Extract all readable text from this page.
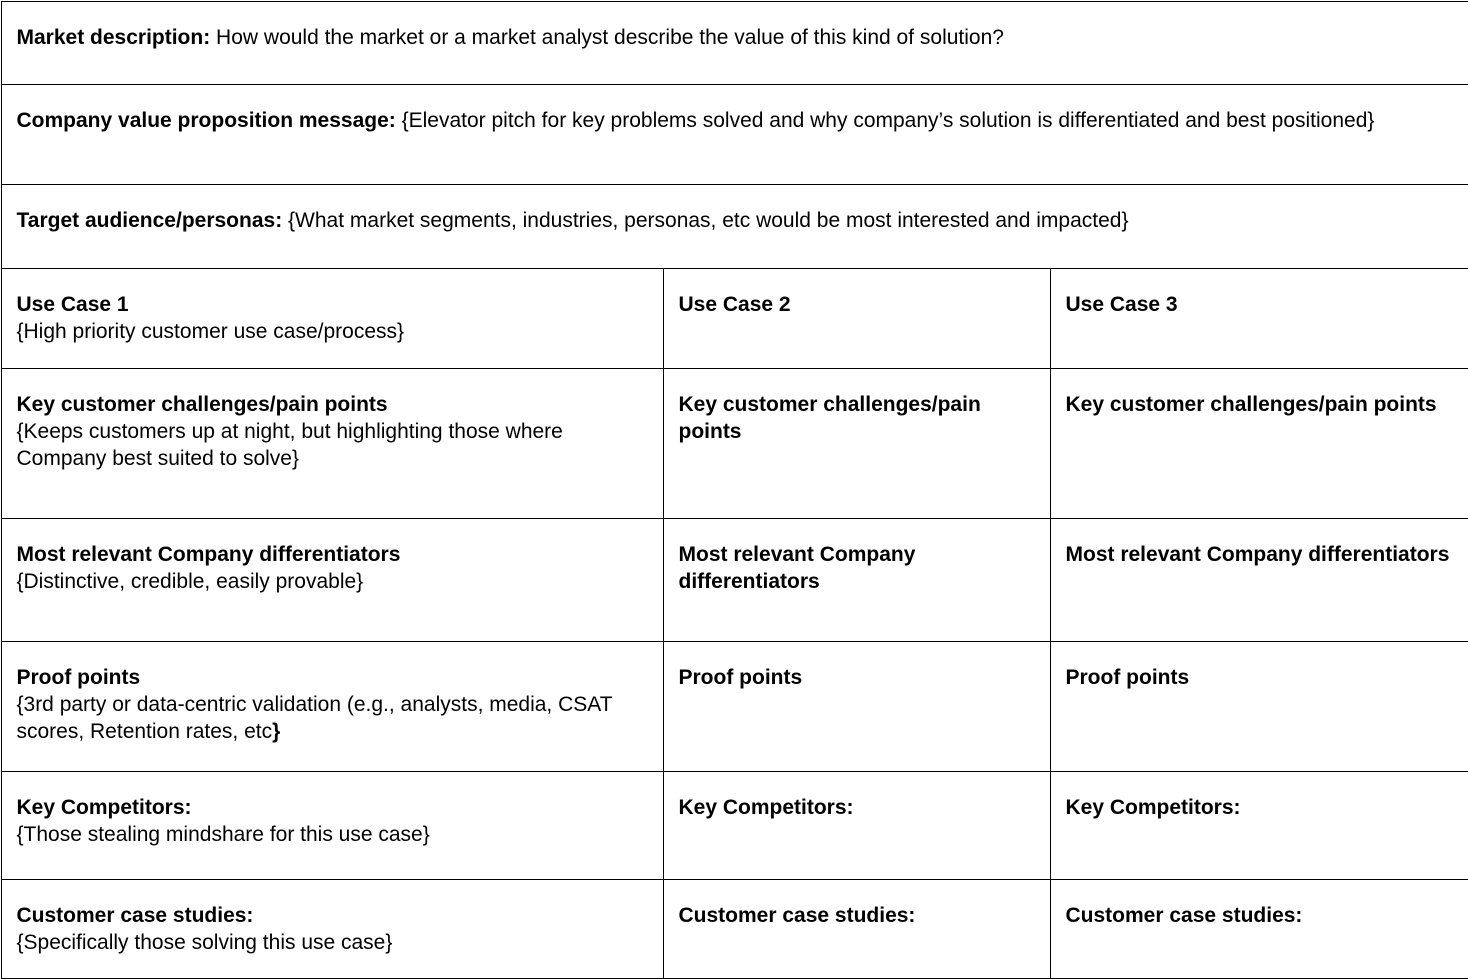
Market description: How would the market or a market analyst describe the value of this kind of solution?		
Company value proposition message: {Elevator pitch for key problems solved and why company’s solution is differentiated and best positioned}		
Target audience/personas: {What market segments, industries, personas, etc would be most interested and impacted}		

Use Case 1
{High priority customer use case/process}	Use Case 2	Use Case 3

Key customer challenges/pain points
{Keeps customers up at night, but highlighting those where Company best suited to solve}	Key customer challenges/pain points	Key customer challenges/pain points

Most relevant Company differentiators
{Distinctive, credible, easily provable}	Most relevant Company differentiators	Most relevant Company differentiators

Proof points
{3rd party or data-centric validation (e.g., analysts, media, CSAT scores, Retention rates, etc}	Proof points	Proof points

Key Competitors:
{Those stealing mindshare for this use case}	Key Competitors:	Key Competitors:

Customer case studies:
{Specifically those solving this use case}	Customer case studies:	Customer case studies:
